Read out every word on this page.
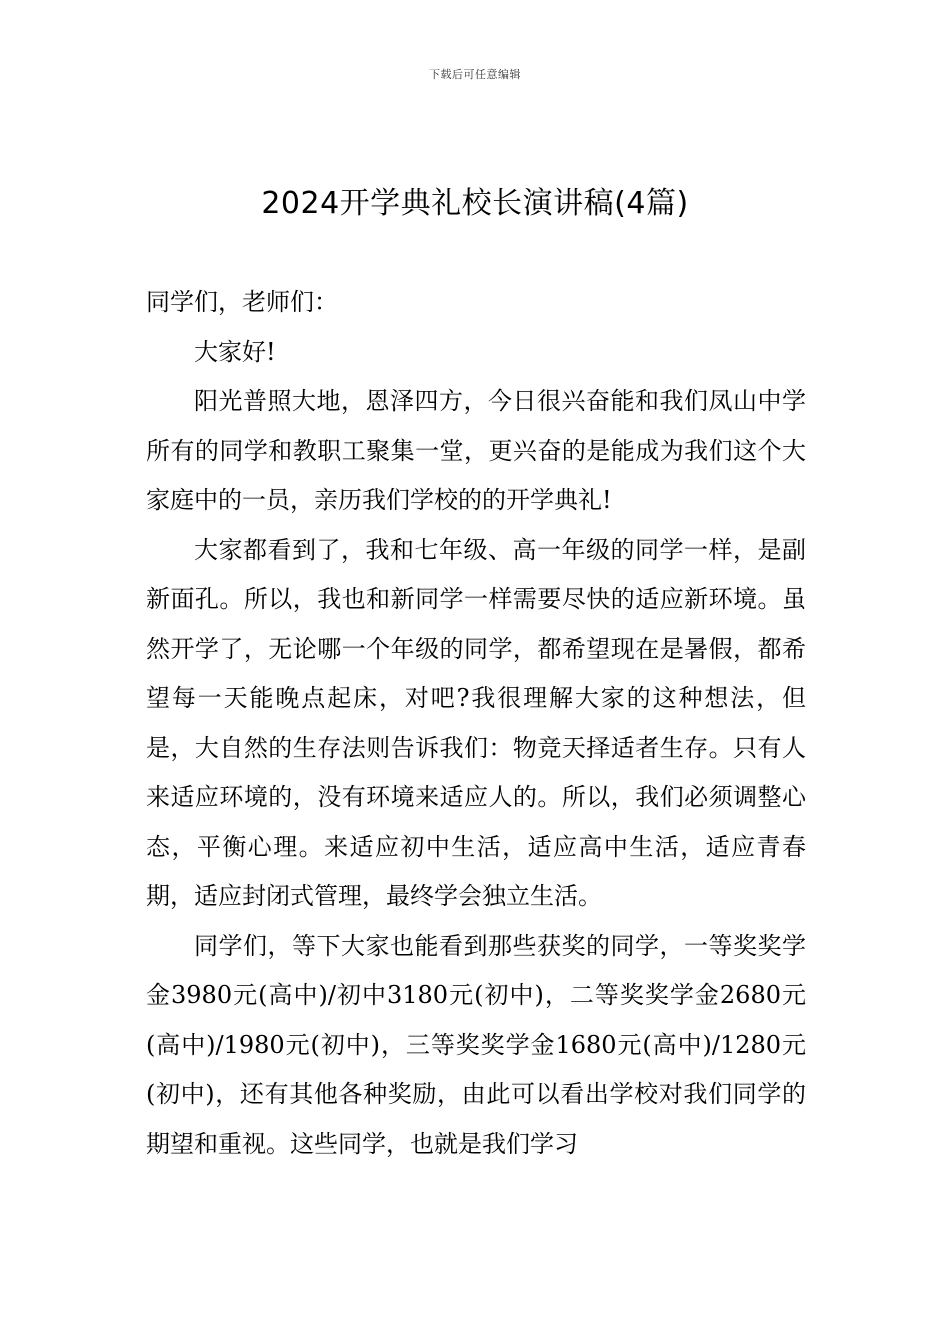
下载后可任意编辑
2024开学典礼校长演讲稿(4篇)

同学们，老师们：

大家好!

阳光普照大地，恩泽四方，今日很兴奋能和我们凤山中学所有的同学和教职工聚集一堂，更兴奋的是能成为我们这个大家庭中的一员，亲历我们学校的的开学典礼!

大家都看到了，我和七年级、高一年级的同学一样，是副新面孔。所以，我也和新同学一样需要尽快的适应新环境。虽然开学了，无论哪一个年级的同学，都希望现在是暑假，都希望每一天能晚点起床，对吧?我很理解大家的这种想法，但是，大自然的生存法则告诉我们：物竞天择适者生存。只有人来适应环境的，没有环境来适应人的。所以，我们必须调整心态，平衡心理。来适应初中生活，适应高中生活，适应青春期，适应封闭式管理，最终学会独立生活。

同学们，等下大家也能看到那些获奖的同学，一等奖奖学金3980元(高中)/初中3180元(初中)，二等奖奖学金2680元(高中)/1980元(初中)，三等奖奖学金1680元(高中)/1280元(初中)，还有其他各种奖励，由此可以看出学校对我们同学的期望和重视。这些同学，也就是我们学习
